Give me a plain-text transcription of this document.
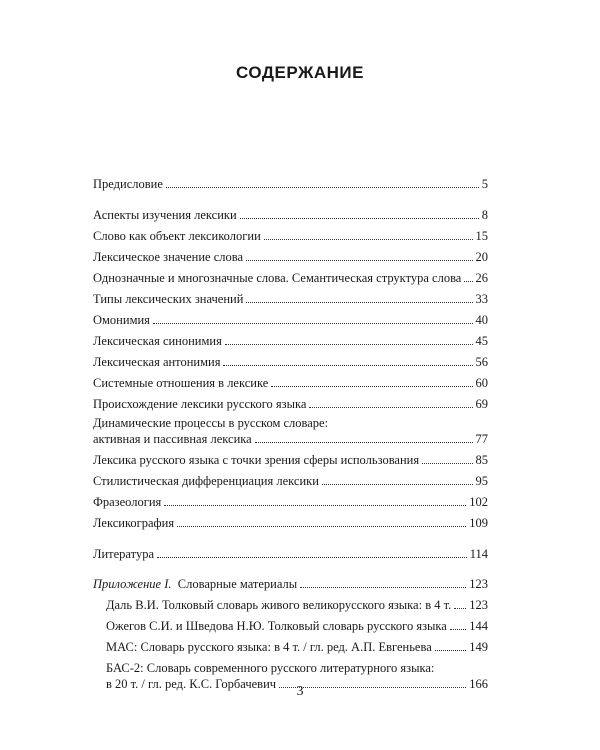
СОДЕРЖАНИЕ
Предисловие	5
Аспекты изучения лексики	8
Слово как объект лексикологии	15
Лексическое значение слова	20
Однозначные и многозначные слова. Семантическая структура слова 26
Типы лексических значений	33
Омонимия	40
Лексическая синонимия	45
Лексическая антонимия	56
Системные отношения в лексике	60
Происхождение лексики русского языка	69
Динамические процессы в русском словаре:
активная и пассивная лексика	77
Лексика русского языка с точки зрения сферы использования	85
Стилистическая дифференциация лексики	95
Фразеология	102
Лексикография	109
Литература	114
Приложение I. Словарные материалы	123
Даль В.И. Толковый словарь живого великорусского языка: в 4 т. 123
Ожегов С.И. и Шведова Н.Ю. Толковый словарь русского языка 144
МАС: Словарь русского языка: в 4 т. / гл. ред. А.П. Евгеньева	149
БАС-2: Словарь современного русского литературного языка:
в 20 т. / гл. ред. К.С. Горбачевич	166
3
